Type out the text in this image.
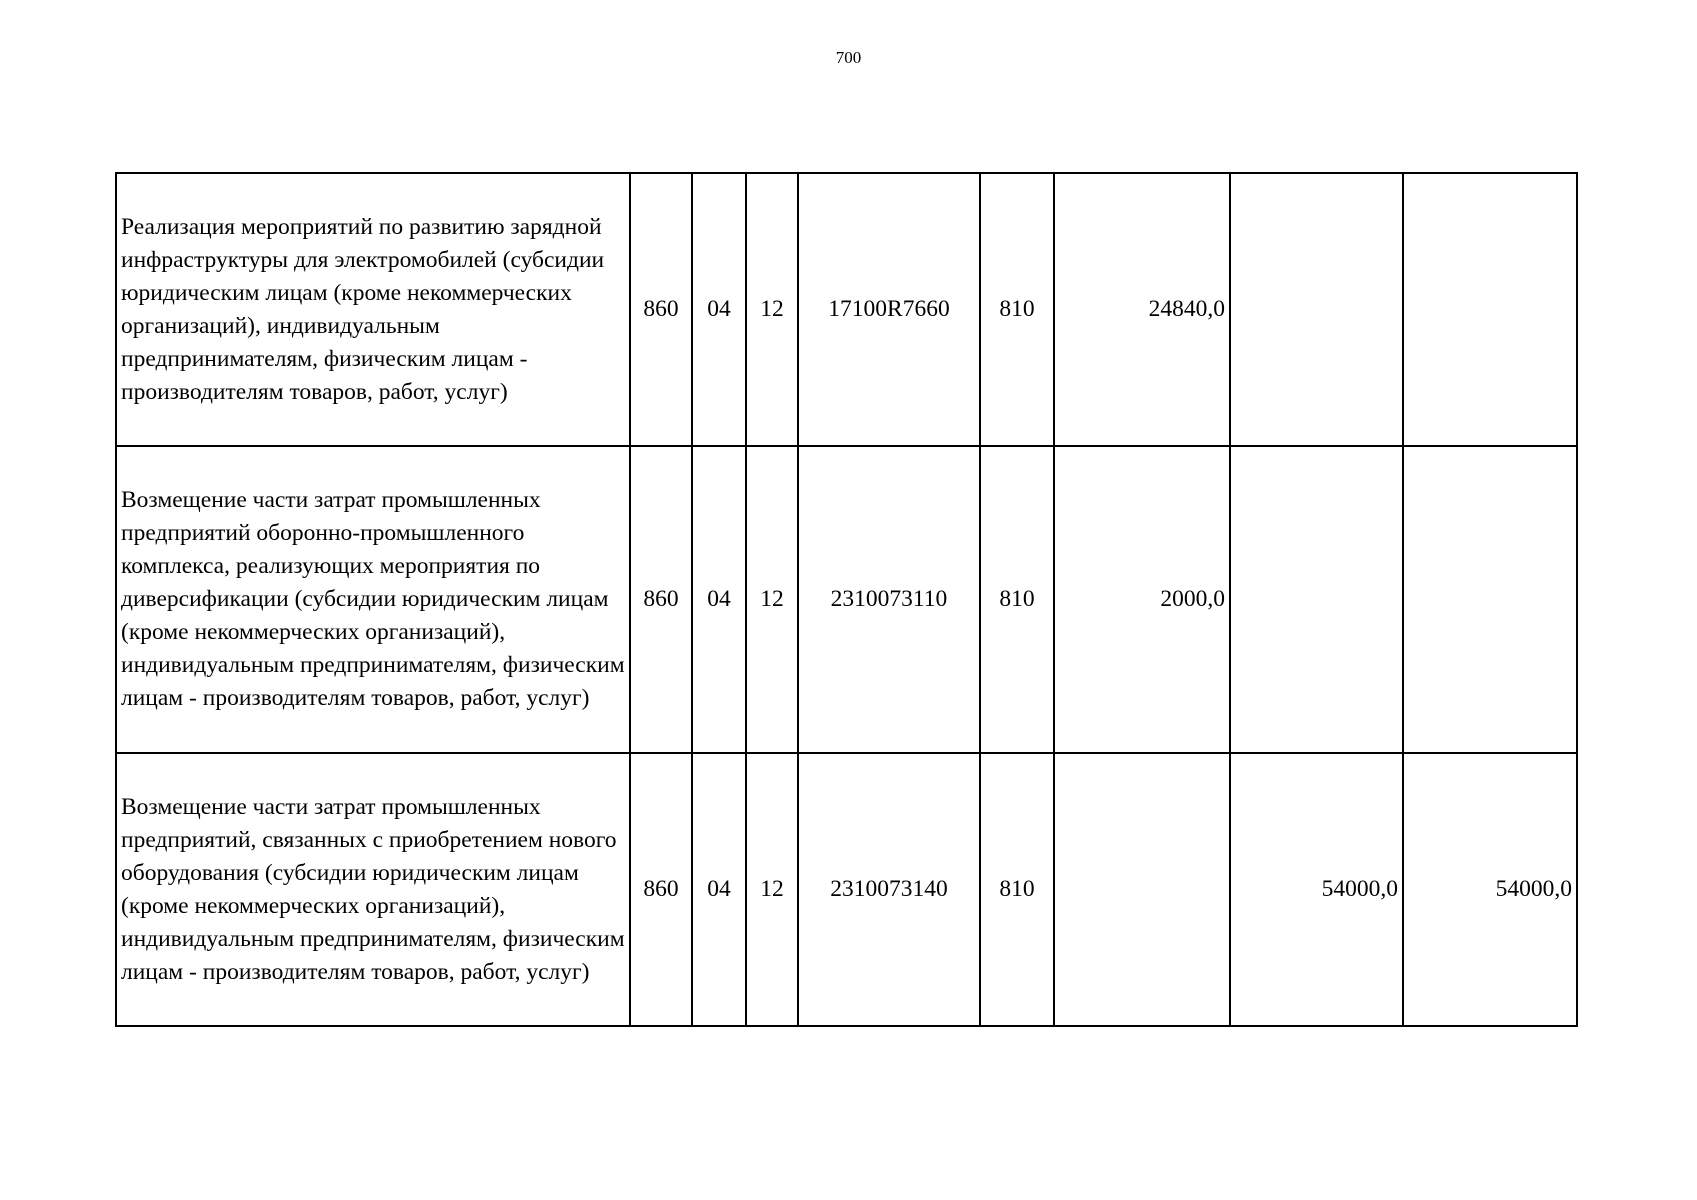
700
Реализация мероприятий по развитию зарядной инфраструктуры для электромобилей (субсидии юридическим лицам (кроме некоммерческих организаций), индивидуальным предпринимателям, физическим лицам - производителям товаров, работ, услуг)	860	04	12	17100R7660	810	24840,0		
Возмещение части затрат промышленных предприятий оборонно-промышленного комплекса, реализующих мероприятия по диверсификации (субсидии юридическим лицам (кроме некоммерческих организаций), индивидуальным предпринимателям, физическим лицам - производителям товаров, работ, услуг)	860	04	12	2310073110	810	2000,0		
Возмещение части затрат промышленных предприятий, связанных с приобретением нового оборудования (субсидии юридическим лицам (кроме некоммерческих организаций), индивидуальным предпринимателям, физическим лицам - производителям товаров, работ, услуг)	860	04	12	2310073140	810		54000,0	54000,0
